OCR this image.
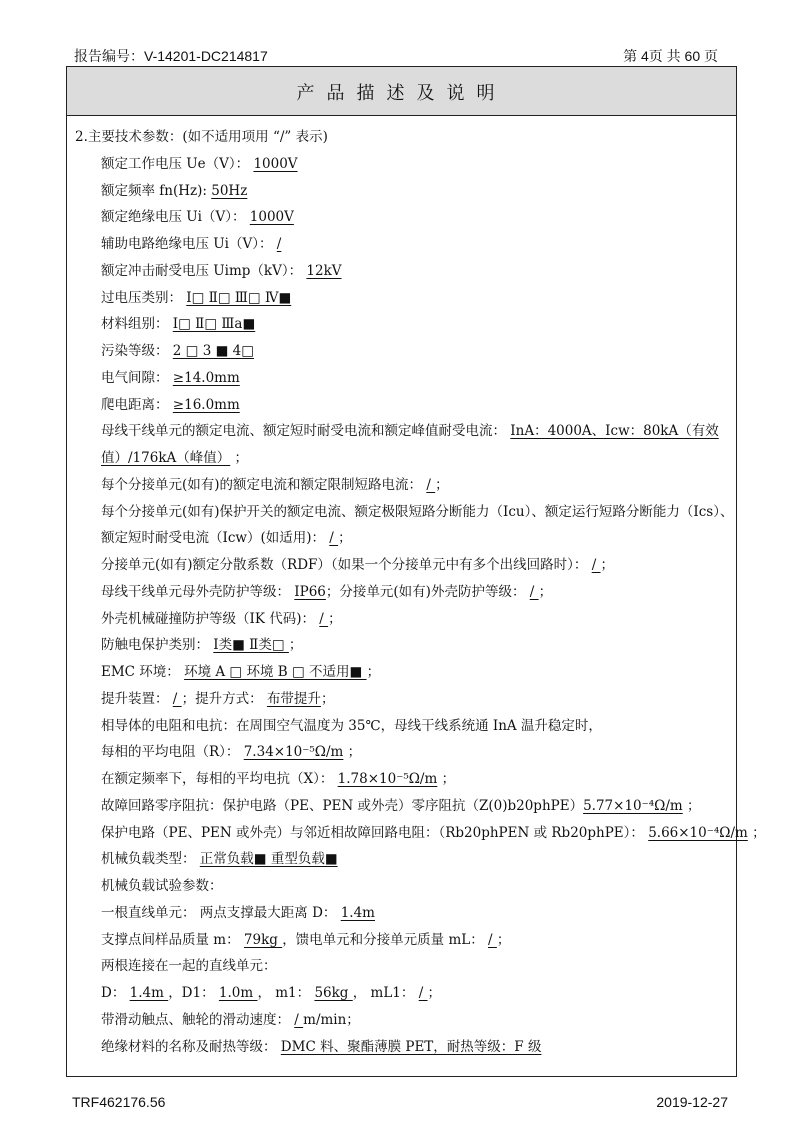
报告编号：V-14201-DC214817	第 4页 共 60 页
产品描述及说明
2.主要技术参数：(如不适用项用 “/” 表示)
额定工作电压 Ue（V）： 1000V
额定频率 fn(Hz): 50Hz
额定绝缘电压 Ui（V）： 1000V
辅助电路绝缘电压 Ui（V）： /
额定冲击耐受电压 Uimp（kV）： 12kV
过电压类别： Ⅰ□ Ⅱ□ Ⅲ□ Ⅳ■
材料组别： Ⅰ□ Ⅱ□ Ⅲa■
污染等级： 2 □ 3 ■ 4□
电气间隙： ≥14.0mm
爬电距离： ≥16.0mm
母线干线单元的额定电流、额定短时耐受电流和额定峰值耐受电流： InA：4000A、Icw：80kA（有效
值）/176kA（峰值） ；
每个分接单元(如有)的额定电流和额定限制短路电流： / ；
每个分接单元(如有)保护开关的额定电流、额定极限短路分断能力（Icu）、额定运行短路分断能力（Ics）、
额定短时耐受电流（Icw）(如适用)： / ；
分接单元(如有)额定分散系数（RDF）（如果一个分接单元中有多个出线回路时）： / ；
母线干线单元母外壳防护等级： IP66；分接单元(如有)外壳防护等级： / ；
外壳机械碰撞防护等级（IK 代码)： / ；
防触电保护类别： Ⅰ类■ Ⅱ类□ ；
EMC 环境： 环境 A □ 环境 B □ 不适用■ ；
提升装置： / ；提升方式： 布带提升；
相导体的电阻和电抗：在周围空气温度为 35℃，母线干线系统通 InA 温升稳定时，
每相的平均电阻（R）： 7.34×10⁻⁵Ω/m ；
在额定频率下，每相的平均电抗（X）： 1.78×10⁻⁵Ω/m ；
故障回路零序阻抗：保护电路（PE、PEN 或外壳）零序阻抗（Z(0)b20phPE）5.77×10⁻⁴Ω/m ；
保护电路（PE、PEN 或外壳）与邻近相故障回路电阻：（Rb20phPEN 或 Rb20phPE）： 5.66×10⁻⁴Ω/m ；
机械负载类型： 正常负载■ 重型负载■
机械负载试验参数：
一根直线单元： 两点支撑最大距离 D： 1.4m
支撑点间样品质量 m： 79kg ，馈电单元和分接单元质量 mL： / ；
两根连接在一起的直线单元：
D： 1.4m ，D1： 1.0m ， m1： 56kg ， mL1： / ；
带滑动触点、触轮的滑动速度： / m/min；
绝缘材料的名称及耐热等级： DMC 料、聚酯薄膜 PET，耐热等级：F 级
TRF462176.56	2019-12-27
